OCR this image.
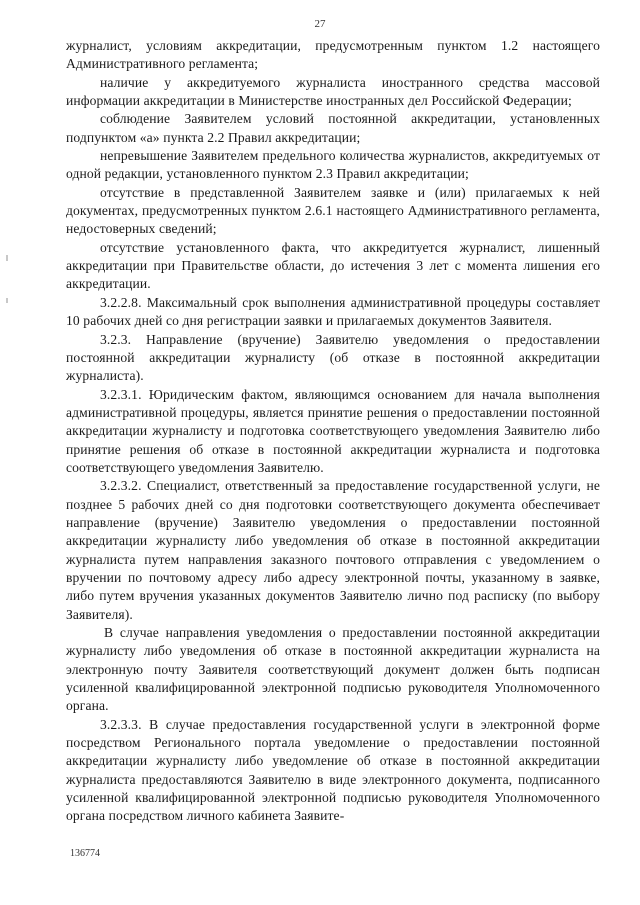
27

журналист, условиям аккредитации, предусмотренным пунктом 1.2 настоящего Административного регламента;

наличие у аккредитуемого журналиста иностранного средства массовой информации аккредитации в Министерстве иностранных дел Российской Федерации;

соблюдение Заявителем условий постоянной аккредитации, установленных подпунктом «а» пункта 2.2 Правил аккредитации;

непревышение Заявителем предельного количества журналистов, аккредитуемых от одной редакции, установленного пунктом 2.3 Правил аккредитации;

отсутствие в представленной Заявителем заявке и (или) прилагаемых к ней документах, предусмотренных пунктом 2.6.1 настоящего Административного регламента, недостоверных сведений;

отсутствие установленного факта, что аккредитуется журналист, лишенный аккредитации при Правительстве области, до истечения 3 лет с момента лишения его аккредитации.

3.2.2.8. Максимальный срок выполнения административной процедуры составляет 10 рабочих дней со дня регистрации заявки и прилагаемых документов Заявителя.

3.2.3. Направление (вручение) Заявителю уведомления о предоставлении постоянной аккредитации журналисту (об отказе в постоянной аккредитации журналиста).

3.2.3.1. Юридическим фактом, являющимся основанием для начала выполнения административной процедуры, является принятие решения о предоставлении постоянной аккредитации журналисту и подготовка соответствующего уведомления Заявителю либо принятие решения об отказе в постоянной аккредитации журналиста и подготовка соответствующего уведомления Заявителю.

3.2.3.2. Специалист, ответственный за предоставление государственной услуги, не позднее 5 рабочих дней со дня подготовки соответствующего документа обеспечивает направление (вручение) Заявителю уведомления о предоставлении постоянной аккредитации журналисту либо уведомления об отказе в постоянной аккредитации журналиста путем направления заказного почтового отправления с уведомлением о вручении по почтовому адресу либо адресу электронной почты, указанному в заявке, либо путем вручения указанных документов Заявителю лично под расписку (по выбору Заявителя).

В случае направления уведомления о предоставлении постоянной аккредитации журналисту либо уведомления об отказе в постоянной аккредитации журналиста на электронную почту Заявителя соответствующий документ должен быть подписан усиленной квалифицированной электронной подписью руководителя Уполномоченного органа.

3.2.3.3. В случае предоставления государственной услуги в электронной форме посредством Регионального портала уведомление о предоставлении постоянной аккредитации журналисту либо уведомление об отказе в постоянной аккредитации журналиста предоставляются Заявителю в виде электронного документа, подписанного усиленной квалифицированной электронной подписью руководителя Уполномоченного органа посредством личного кабинета Заявите-

136774
